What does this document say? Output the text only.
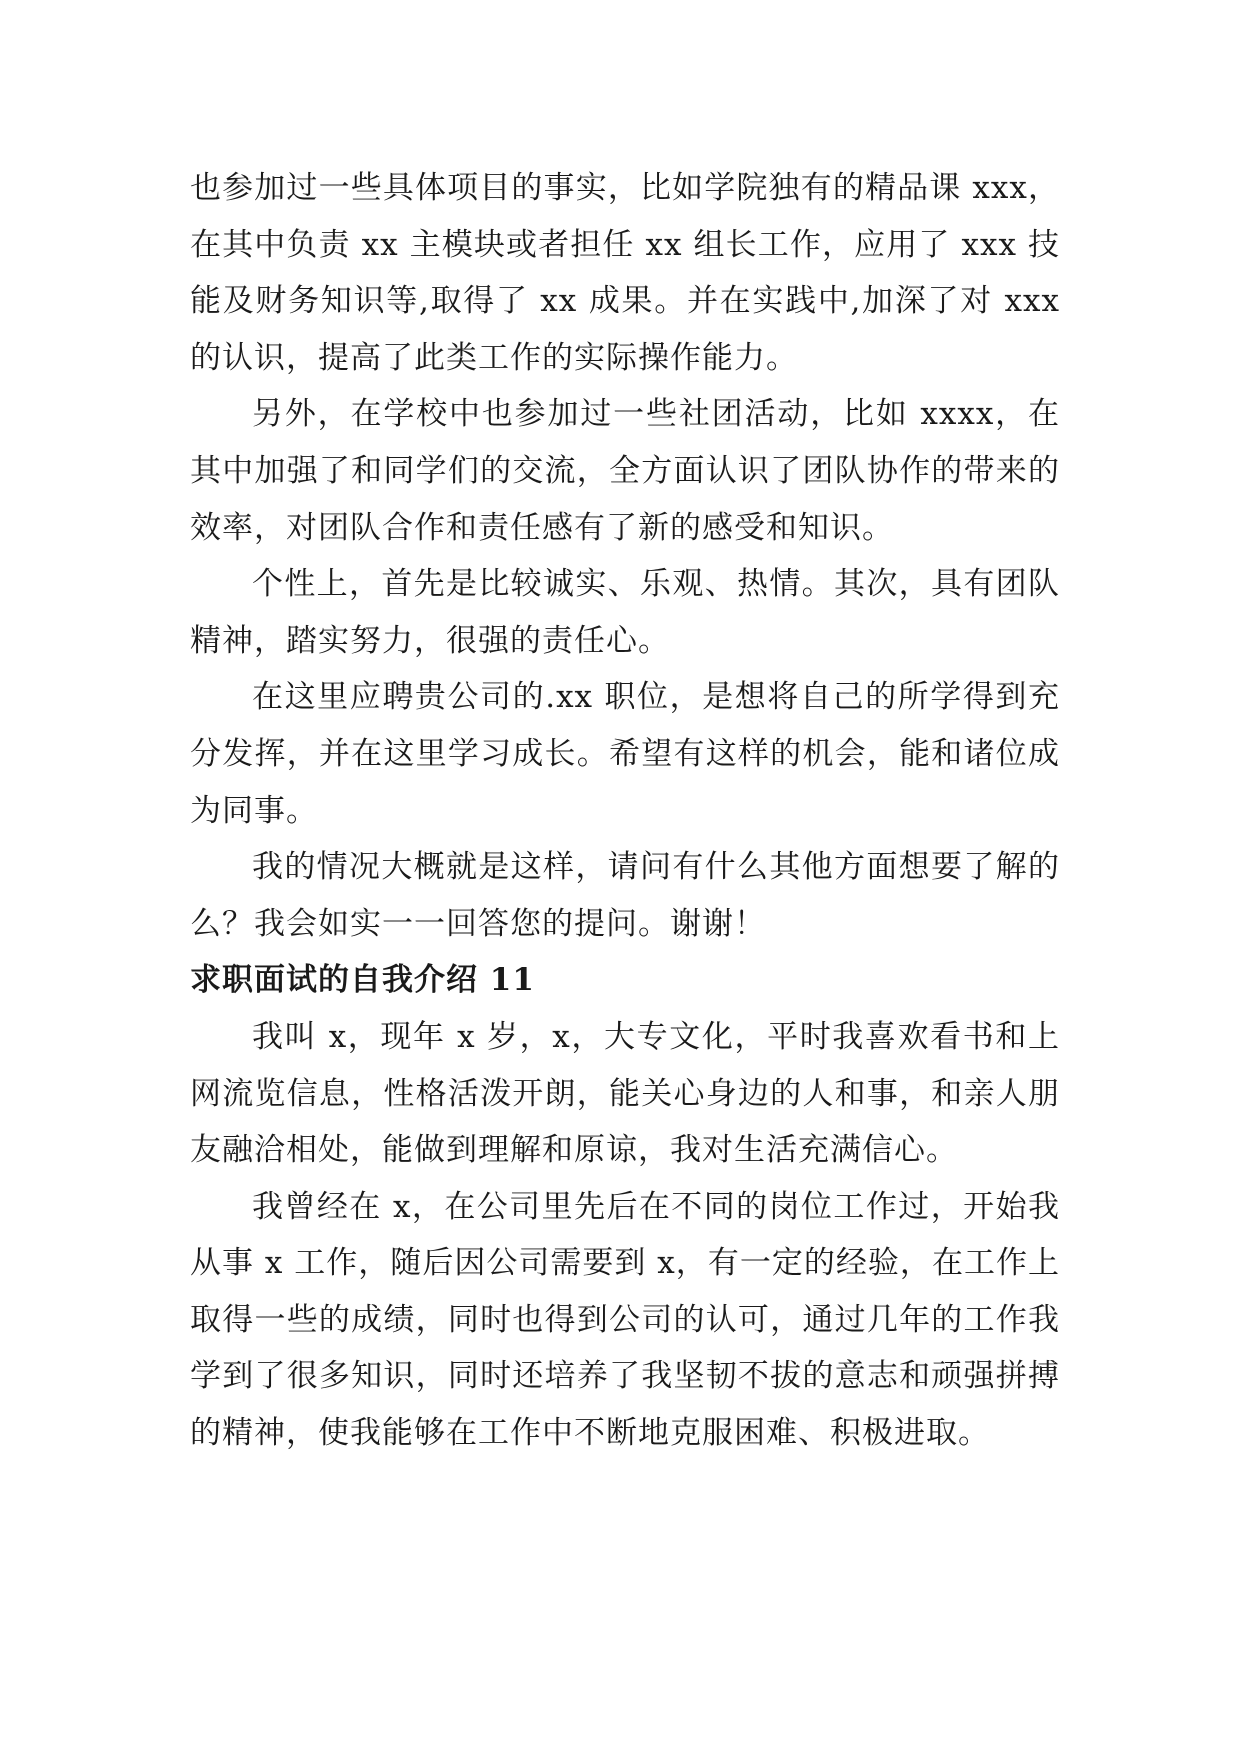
也参加过一些具体项目的事实，比如学院独有的精品课 xxx，在其中负责 xx 主模块或者担任 xx 组长工作，应用了 xxx 技能及财务知识等,取得了 xx 成果。并在实践中,加深了对 xxx 的认识，提高了此类工作的实际操作能力。

另外，在学校中也参加过一些社团活动，比如 xxxx，在其中加强了和同学们的交流，全方面认识了团队协作的带来的效率，对团队合作和责任感有了新的感受和知识。

个性上，首先是比较诚实、乐观、热情。其次，具有团队精神，踏实努力，很强的责任心。

在这里应聘贵公司的.xx 职位，是想将自己的所学得到充分发挥，并在这里学习成长。希望有这样的机会，能和诸位成为同事。

我的情况大概就是这样，请问有什么其他方面想要了解的么？我会如实一一回答您的提问。谢谢！

求职面试的自我介绍 11

我叫 x，现年 x 岁，x，大专文化，平时我喜欢看书和上网流览信息，性格活泼开朗，能关心身边的人和事，和亲人朋友融洽相处，能做到理解和原谅，我对生活充满信心。

我曾经在 x，在公司里先后在不同的岗位工作过，开始我从事 x 工作，随后因公司需要到 x，有一定的经验，在工作上取得一些的成绩，同时也得到公司的认可，通过几年的工作我学到了很多知识，同时还培养了我坚韧不拔的意志和顽强拼搏的精神，使我能够在工作中不断地克服困难、积极进取。
